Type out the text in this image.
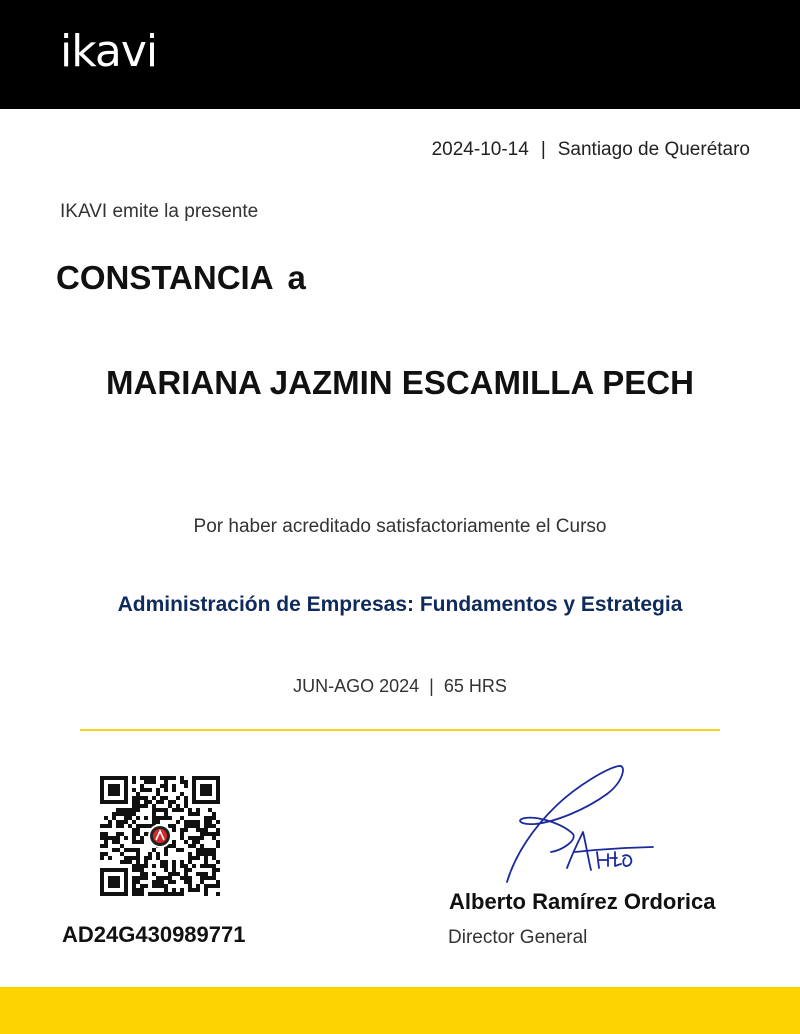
ikavi
2024-10-14 | Santiago de Querétaro
IKAVI emite la presente
CONSTANCIA a
MARIANA JAZMIN ESCAMILLA PECH
Por haber acreditado satisfactoriamente el Curso
Administración de Empresas: Fundamentos y Estrategia
JUN-AGO 2024 | 65 HRS
AD24G430989771
Alberto Ramírez Ordorica
Director General
